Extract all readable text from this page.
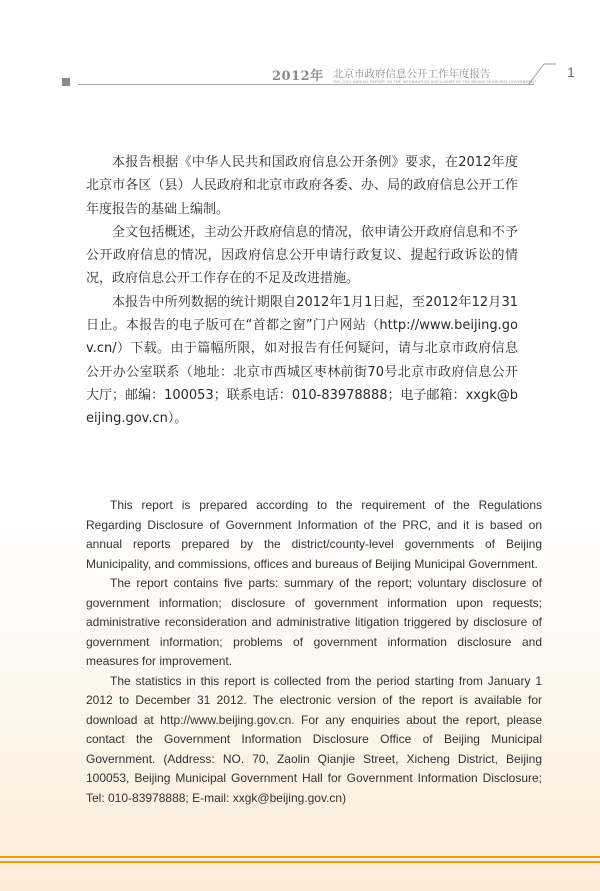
2012年 北京市政府信息公开工作年度报告
THE 2012 ANNUAL REPORT ON THE INFORMATION DISCLOSURE BY THE BEIJING MUNICIPAL GOVERNMENT
1

本报告根据《中华人民共和国政府信息公开条例》要求，在2012年度北京市各区（县）人民政府和北京市政府各委、办、局的政府信息公开工作年度报告的基础上编制。

全文包括概述，主动公开政府信息的情况，依申请公开政府信息和不予公开政府信息的情况，因政府信息公开申请行政复议、提起行政诉讼的情况，政府信息公开工作存在的不足及改进措施。

本报告中所列数据的统计期限自2012年1月1日起，至2012年12月31日止。本报告的电子版可在“首都之窗”门户网站（http://www.beijing.gov.cn/）下载。由于篇幅所限，如对报告有任何疑问，请与北京市政府信息公开办公室联系（地址：北京市西城区枣林前街70号北京市政府信息公开大厅；邮编：100053；联系电话：010-83978888；电子邮箱：xxgk@beijing.gov.cn）。

This report is prepared according to the requirement of the Regulations Regarding Disclosure of Government Information of the PRC, and it is based on annual reports prepared by the district/county-level governments of Beijing Municipality, and commissions, offices and bureaus of Beijing Municipal Government.

The report contains five parts: summary of the report; voluntary disclosure of government information; disclosure of government information upon requests; administrative reconsideration and administrative litigation triggered by disclosure of government information; problems of government information disclosure and measures for improvement.

The statistics in this report is collected from the period starting from January 1 2012 to December 31 2012. The electronic version of the report is available for download at http://www.beijing.gov.cn. For any enquiries about the report, please contact the Government Information Disclosure Office of Beijing Municipal Government. (Address: NO. 70, Zaolin Qianjie Street, Xicheng District, Beijing 100053, Beijing Municipal Government Hall for Government Information Disclosure; Tel: 010-83978888; E-mail: xxgk@beijing.gov.cn)
